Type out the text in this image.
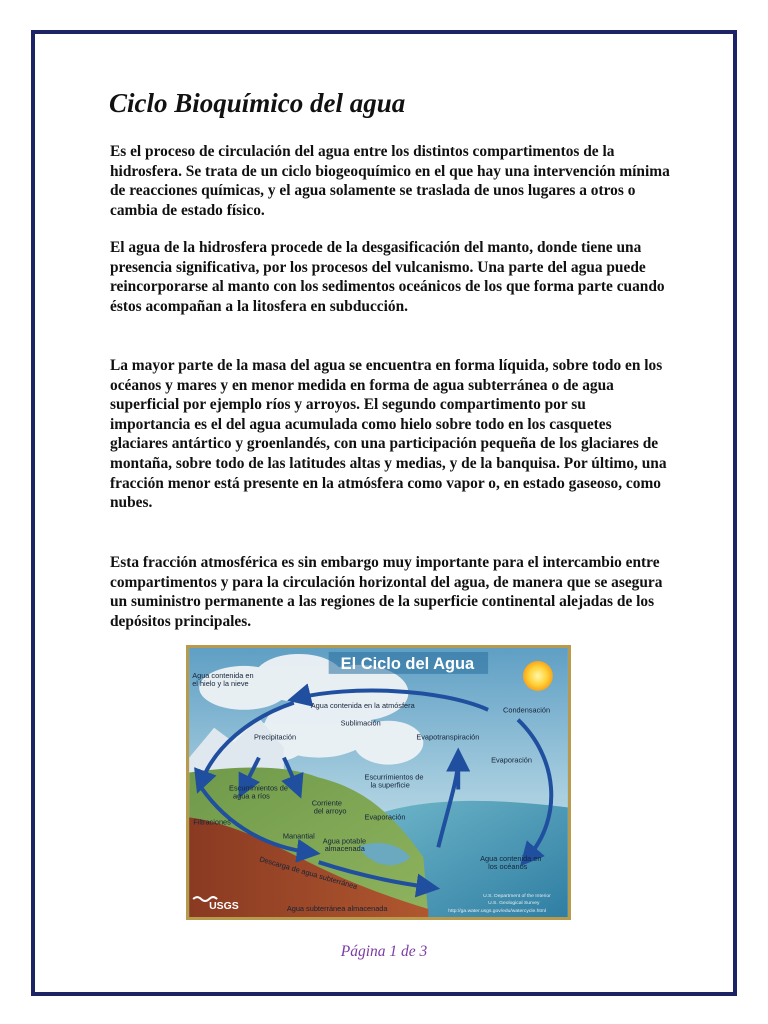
Ciclo Bioquímico del agua

Es el proceso de circulación del agua entre los distintos compartimentos de la hidrosfera. Se trata de un ciclo biogeoquímico en el que hay una intervención mínima de reacciones químicas, y el agua solamente se traslada de unos lugares a otros o cambia de estado físico.

El agua de la hidrosfera procede de la desgasificación del manto, donde tiene una presencia significativa, por los procesos del vulcanismo. Una parte del agua puede reincorporarse al manto con los sedimentos oceánicos de los que forma parte cuando éstos acompañan a la litosfera en subducción.

La mayor parte de la masa del agua se encuentra en forma líquida, sobre todo en los océanos y mares y en menor medida en forma de agua subterránea o de agua superficial por ejemplo ríos y arroyos. El segundo compartimento por su importancia es el del agua acumulada como hielo sobre todo en los casquetes glaciares antártico y groenlandés, con una participación pequeña de los glaciares de montaña, sobre todo de las latitudes altas y medias, y de la banquisa. Por último, una fracción menor está presente en la atmósfera como vapor o, en estado gaseoso, como nubes.

Esta fracción atmosférica es sin embargo muy importante para el intercambio entre compartimentos y para la circulación horizontal del agua, de manera que se asegura un suministro permanente a las regiones de la superficie continental alejadas de los depósitos principales.

El Ciclo del Agua
Agua contenida en
el hielo y la nieve
Agua contenida en la atmósfera
Condensación
Sublimación
Precipitación	Evapotranspiración
Evaporación
Escurrimientos de
agua a ríos
Escurrimientos de
la superficie
Corriente
del arroyo
Evaporación
Filtraciones
Manantial
Agua potable
almacenada
Descarga de agua subterránea
Agua subterránea almacenada
Agua contenida en
los océanos
USGS
U.S. Department of the Interior
U.S. Geological Survey
http://ga.water.usgs.gov/edu/watercycle.html
Página 1 de 3
